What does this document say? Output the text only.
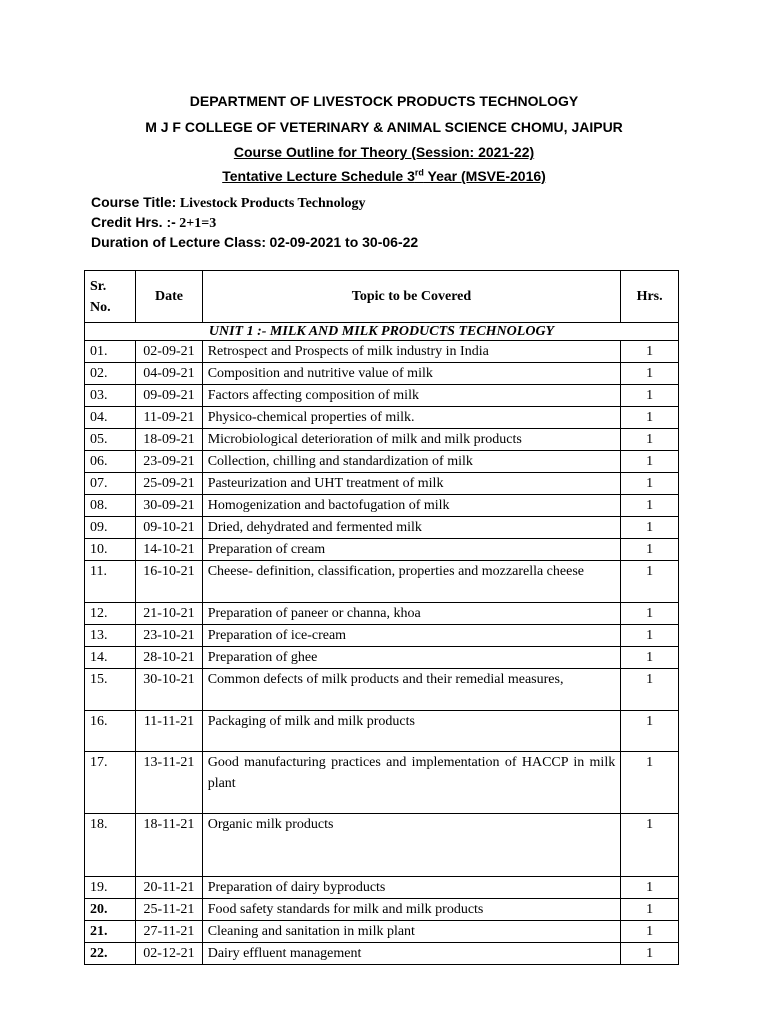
DEPARTMENT OF LIVESTOCK PRODUCTS TECHNOLOGY
M J F COLLEGE OF VETERINARY & ANIMAL SCIENCE CHOMU, JAIPUR
Course Outline for Theory (Session: 2021-22)
Tentative Lecture Schedule 3rd Year (MSVE-2016)
Course Title: Livestock Products Technology
Credit Hrs. :- 2+1=3
Duration of Lecture Class: 02-09-2021 to 30-06-22
Sr. No.	Date	Topic to be Covered	Hrs.
UNIT 1 :- MILK AND MILK PRODUCTS TECHNOLOGY			
01.	02-09-21	Retrospect and Prospects of milk industry in India	1
02.	04-09-21	Composition and nutritive value of milk	1
03.	09-09-21	Factors affecting composition of milk	1
04.	11-09-21	Physico-chemical properties of milk.	1
05.	18-09-21	Microbiological deterioration of milk and milk products	1
06.	23-09-21	Collection, chilling and standardization of milk	1
07.	25-09-21	Pasteurization and UHT treatment of milk	1
08.	30-09-21	Homogenization and bactofugation of milk	1
09.	09-10-21	Dried, dehydrated and fermented milk	1
10.	14-10-21	Preparation of cream	1
11.	16-10-21	Cheese- definition, classification, properties and mozzarella cheese	1
12.	21-10-21	Preparation of paneer or channa, khoa	1
13.	23-10-21	Preparation of ice-cream	1
14.	28-10-21	Preparation of ghee	1
15.	30-10-21	Common defects of milk products and their remedial measures,	1
16.	11-11-21	Packaging of milk and milk products	1
17.	13-11-21	Good manufacturing practices and implementation of HACCP in milk plant	1
18.	18-11-21	Organic milk products	1
19.	20-11-21	Preparation of dairy byproducts	1
20.	25-11-21	Food safety standards for milk and milk products	1
21.	27-11-21	Cleaning and sanitation in milk plant	1
22.	02-12-21	Dairy effluent management	1
